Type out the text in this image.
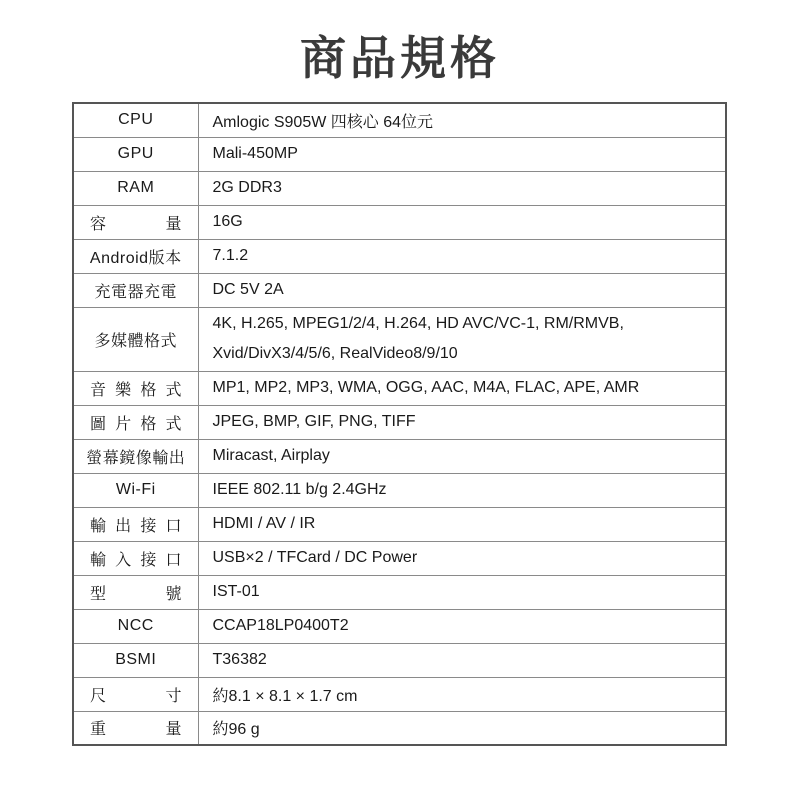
商品規格
CPU	Amlogic S905W 四核心 64位元
GPU	Mali-450MP
RAM	2G DDR3
容量	16G
Android版本	7.1.2
充電器充電	DC 5V 2A
多媒體格式	4K, H.265, MPEG1/2/4, H.264, HD AVC/VC-1, RM/RMVB,
Xvid/DivX3/4/5/6, RealVideo8/9/10

音樂格式	MP1, MP2, MP3, WMA, OGG, AAC, M4A, FLAC, APE, AMR
圖片格式	JPEG, BMP, GIF, PNG, TIFF
螢幕鏡像輸出	Miracast, Airplay
Wi-Fi	IEEE 802.11 b/g 2.4GHz
輸出接口	HDMI / AV / IR
輸入接口	USB×2 / TFCard / DC Power
型號	IST-01
NCC	CCAP18LP0400T2
BSMI	T36382
尺寸	約8.1 × 8.1 × 1.7 cm
重量	約96 g
